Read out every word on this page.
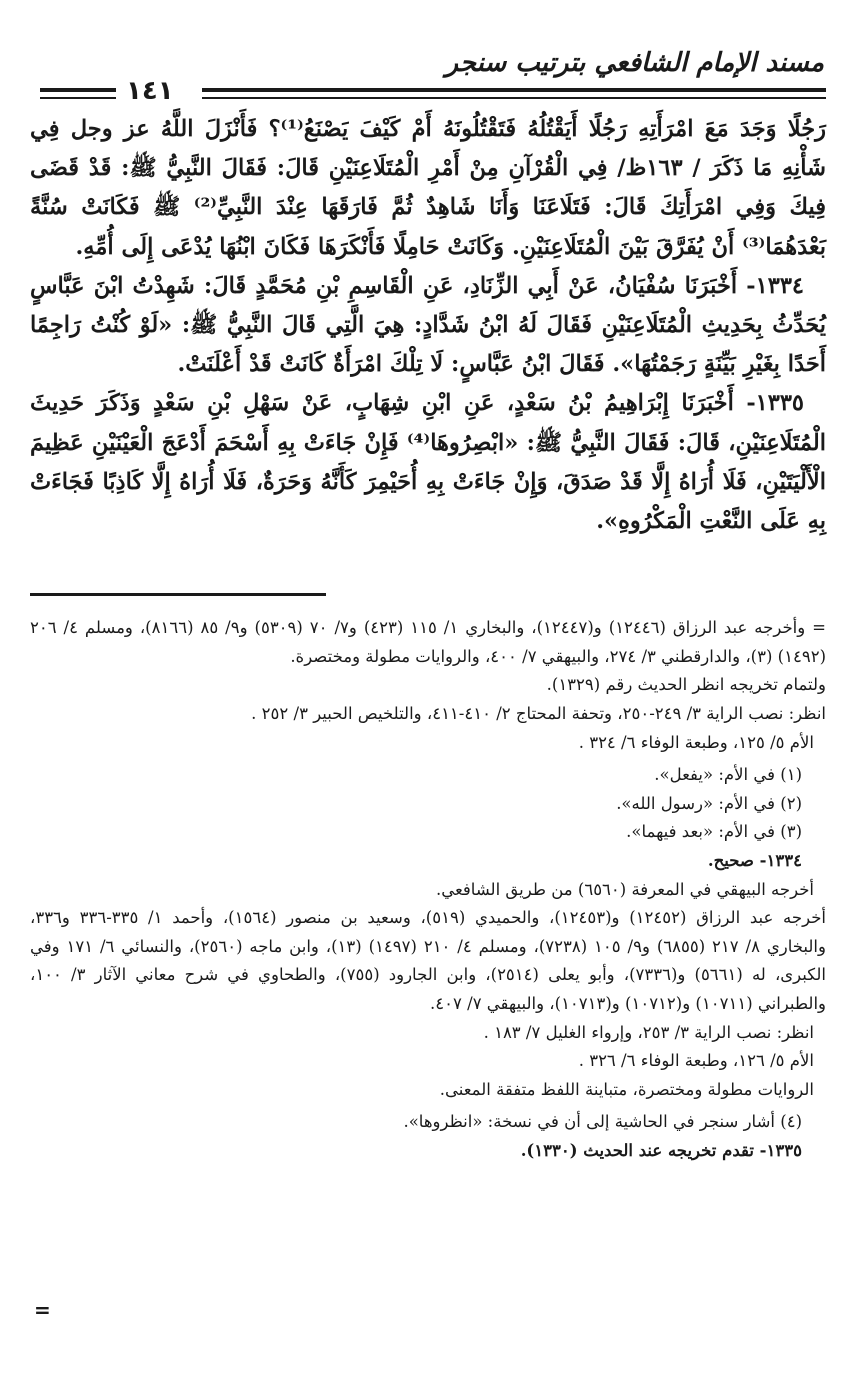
مسند الإمام الشافعي بترتيب سنجر
١٤١

رَجُلًا وَجَدَ مَعَ امْرَأَتِهِ رَجُلًا أَيَقْتُلُهُ فَتَقْتُلُونَهُ أَمْ كَيْفَ يَصْنَعُ⁽¹⁾؟ فَأَنْزَلَ اللَّهُ عز وجل فِي شَأْنِهِ مَا ذَكَرَ / ١٦٣ظ/ فِي الْقُرْآنِ مِنْ أَمْرِ الْمُتَلَاعِنَيْنِ قَالَ: فَقَالَ النَّبِيُّ ﷺ: قَدْ قَضَى فِيكَ وَفِي امْرَأَتِكَ قَالَ: فَتَلَاعَنَا وَأَنَا شَاهِدٌ ثُمَّ فَارَقَهَا عِنْدَ النَّبِيِّ⁽²⁾ ﷺ فَكَانَتْ سُنَّةً بَعْدَهُمَا⁽³⁾ أَنْ يُفَرَّقَ بَيْنَ الْمُتَلَاعِنَيْنِ. وَكَانَتْ حَامِلًا فَأَنْكَرَهَا فَكَانَ ابْنُهَا يُدْعَى إِلَى أُمِّهِ.

١٣٣٤- أَخْبَرَنَا سُفْيَانُ، عَنْ أَبِي الزِّنَادِ، عَنِ الْقَاسِمِ بْنِ مُحَمَّدٍ قَالَ: شَهِدْتُ ابْنَ عَبَّاسٍ يُحَدِّثُ بِحَدِيثِ الْمُتَلَاعِنَيْنِ فَقَالَ لَهُ ابْنُ شَدَّادٍ: هِيَ الَّتِي قَالَ النَّبِيُّ ﷺ: «لَوْ كُنْتُ رَاجِمًا أَحَدًا بِغَيْرِ بَيِّنَةٍ رَجَمْتُهَا». فَقَالَ ابْنُ عَبَّاسٍ: لَا تِلْكَ امْرَأَةٌ كَانَتْ قَدْ أَعْلَنَتْ.

١٣٣٥- أَخْبَرَنَا إِبْرَاهِيمُ بْنُ سَعْدٍ، عَنِ ابْنِ شِهَابٍ، عَنْ سَهْلِ بْنِ سَعْدٍ وَذَكَرَ حَدِيثَ الْمُتَلَاعِنَيْنِ، قَالَ: فَقَالَ النَّبِيُّ ﷺ: «ابْصِرُوهَا⁽⁴⁾ فَإِنْ جَاءَتْ بِهِ أَسْحَمَ أَدْعَجَ الْعَيْنَيْنِ عَظِيمَ الْأَلْيَتَيْنِ، فَلَا أُرَاهُ إِلَّا قَدْ صَدَقَ، وَإِنْ جَاءَتْ بِهِ أُحَيْمِرَ كَأَنَّهُ وَحَرَةٌ، فَلَا أُرَاهُ إِلَّا كَاذِبًا فَجَاءَتْ بِهِ عَلَى النَّعْتِ الْمَكْرُوهِ».

= وأخرجه عبد الرزاق (١٢٤٤٦) و(١٢٤٤٧)، والبخاري ١/ ١١٥ (٤٢٣) و٧/ ٧٠ (٥٣٠٩) و٩/ ٨٥ (٨١٦٦)، ومسلم ٤/ ٢٠٦ (١٤٩٢) (٣)، والدارقطني ٣/ ٢٧٤، والبيهقي ٧/ ٤٠٠، والروايات مطولة ومختصرة.

ولتمام تخريجه انظر الحديث رقم (١٣٢٩).

انظر: نصب الراية ٣/ ٢٤٩-٢٥٠، وتحفة المحتاج ٢/ ٤١٠-٤١١، والتلخيص الحبير ٣/ ٢٥٢ .

الأم ٥/ ١٢٥، وطبعة الوفاء ٦/ ٣٢٤ .

(١) في الأم: «يفعل».

(٢) في الأم: «رسول الله».

(٣) في الأم: «بعد فيهما».

١٣٣٤- صحيح.

أخرجه البيهقي في المعرفة (٦٥٦٠) من طريق الشافعي.

أخرجه عبد الرزاق (١٢٤٥٢) و(١٢٤٥٣)، والحميدي (٥١٩)، وسعيد بن منصور (١٥٦٤)، وأحمد ١/ ٣٣٥-٣٣٦ و٣٣٦، والبخاري ٨/ ٢١٧ (٦٨٥٥) و٩/ ١٠٥ (٧٢٣٨)، ومسلم ٤/ ٢١٠ (١٤٩٧) (١٣)، وابن ماجه (٢٥٦٠)، والنسائي ٦/ ١٧١ وفي الكبرى، له (٥٦٦١) و(٧٣٣٦)، وأبو يعلى (٢٥١٤)، وابن الجارود (٧٥٥)، والطحاوي في شرح معاني الآثار ٣/ ١٠٠، والطبراني (١٠٧١١) و(١٠٧١٢) و(١٠٧١٣)، والبيهقي ٧/ ٤٠٧.

انظر: نصب الراية ٣/ ٢٥٣، وإرواء الغليل ٧/ ١٨٣ .

الأم ٥/ ١٢٦، وطبعة الوفاء ٦/ ٣٢٦ .

الروايات مطولة ومختصرة، متباينة اللفظ متفقة المعنى.

(٤) أشار سنجر في الحاشية إلى أن في نسخة: «انظروها».

١٣٣٥- تقدم تخريجه عند الحديث (١٣٣٠).

=
